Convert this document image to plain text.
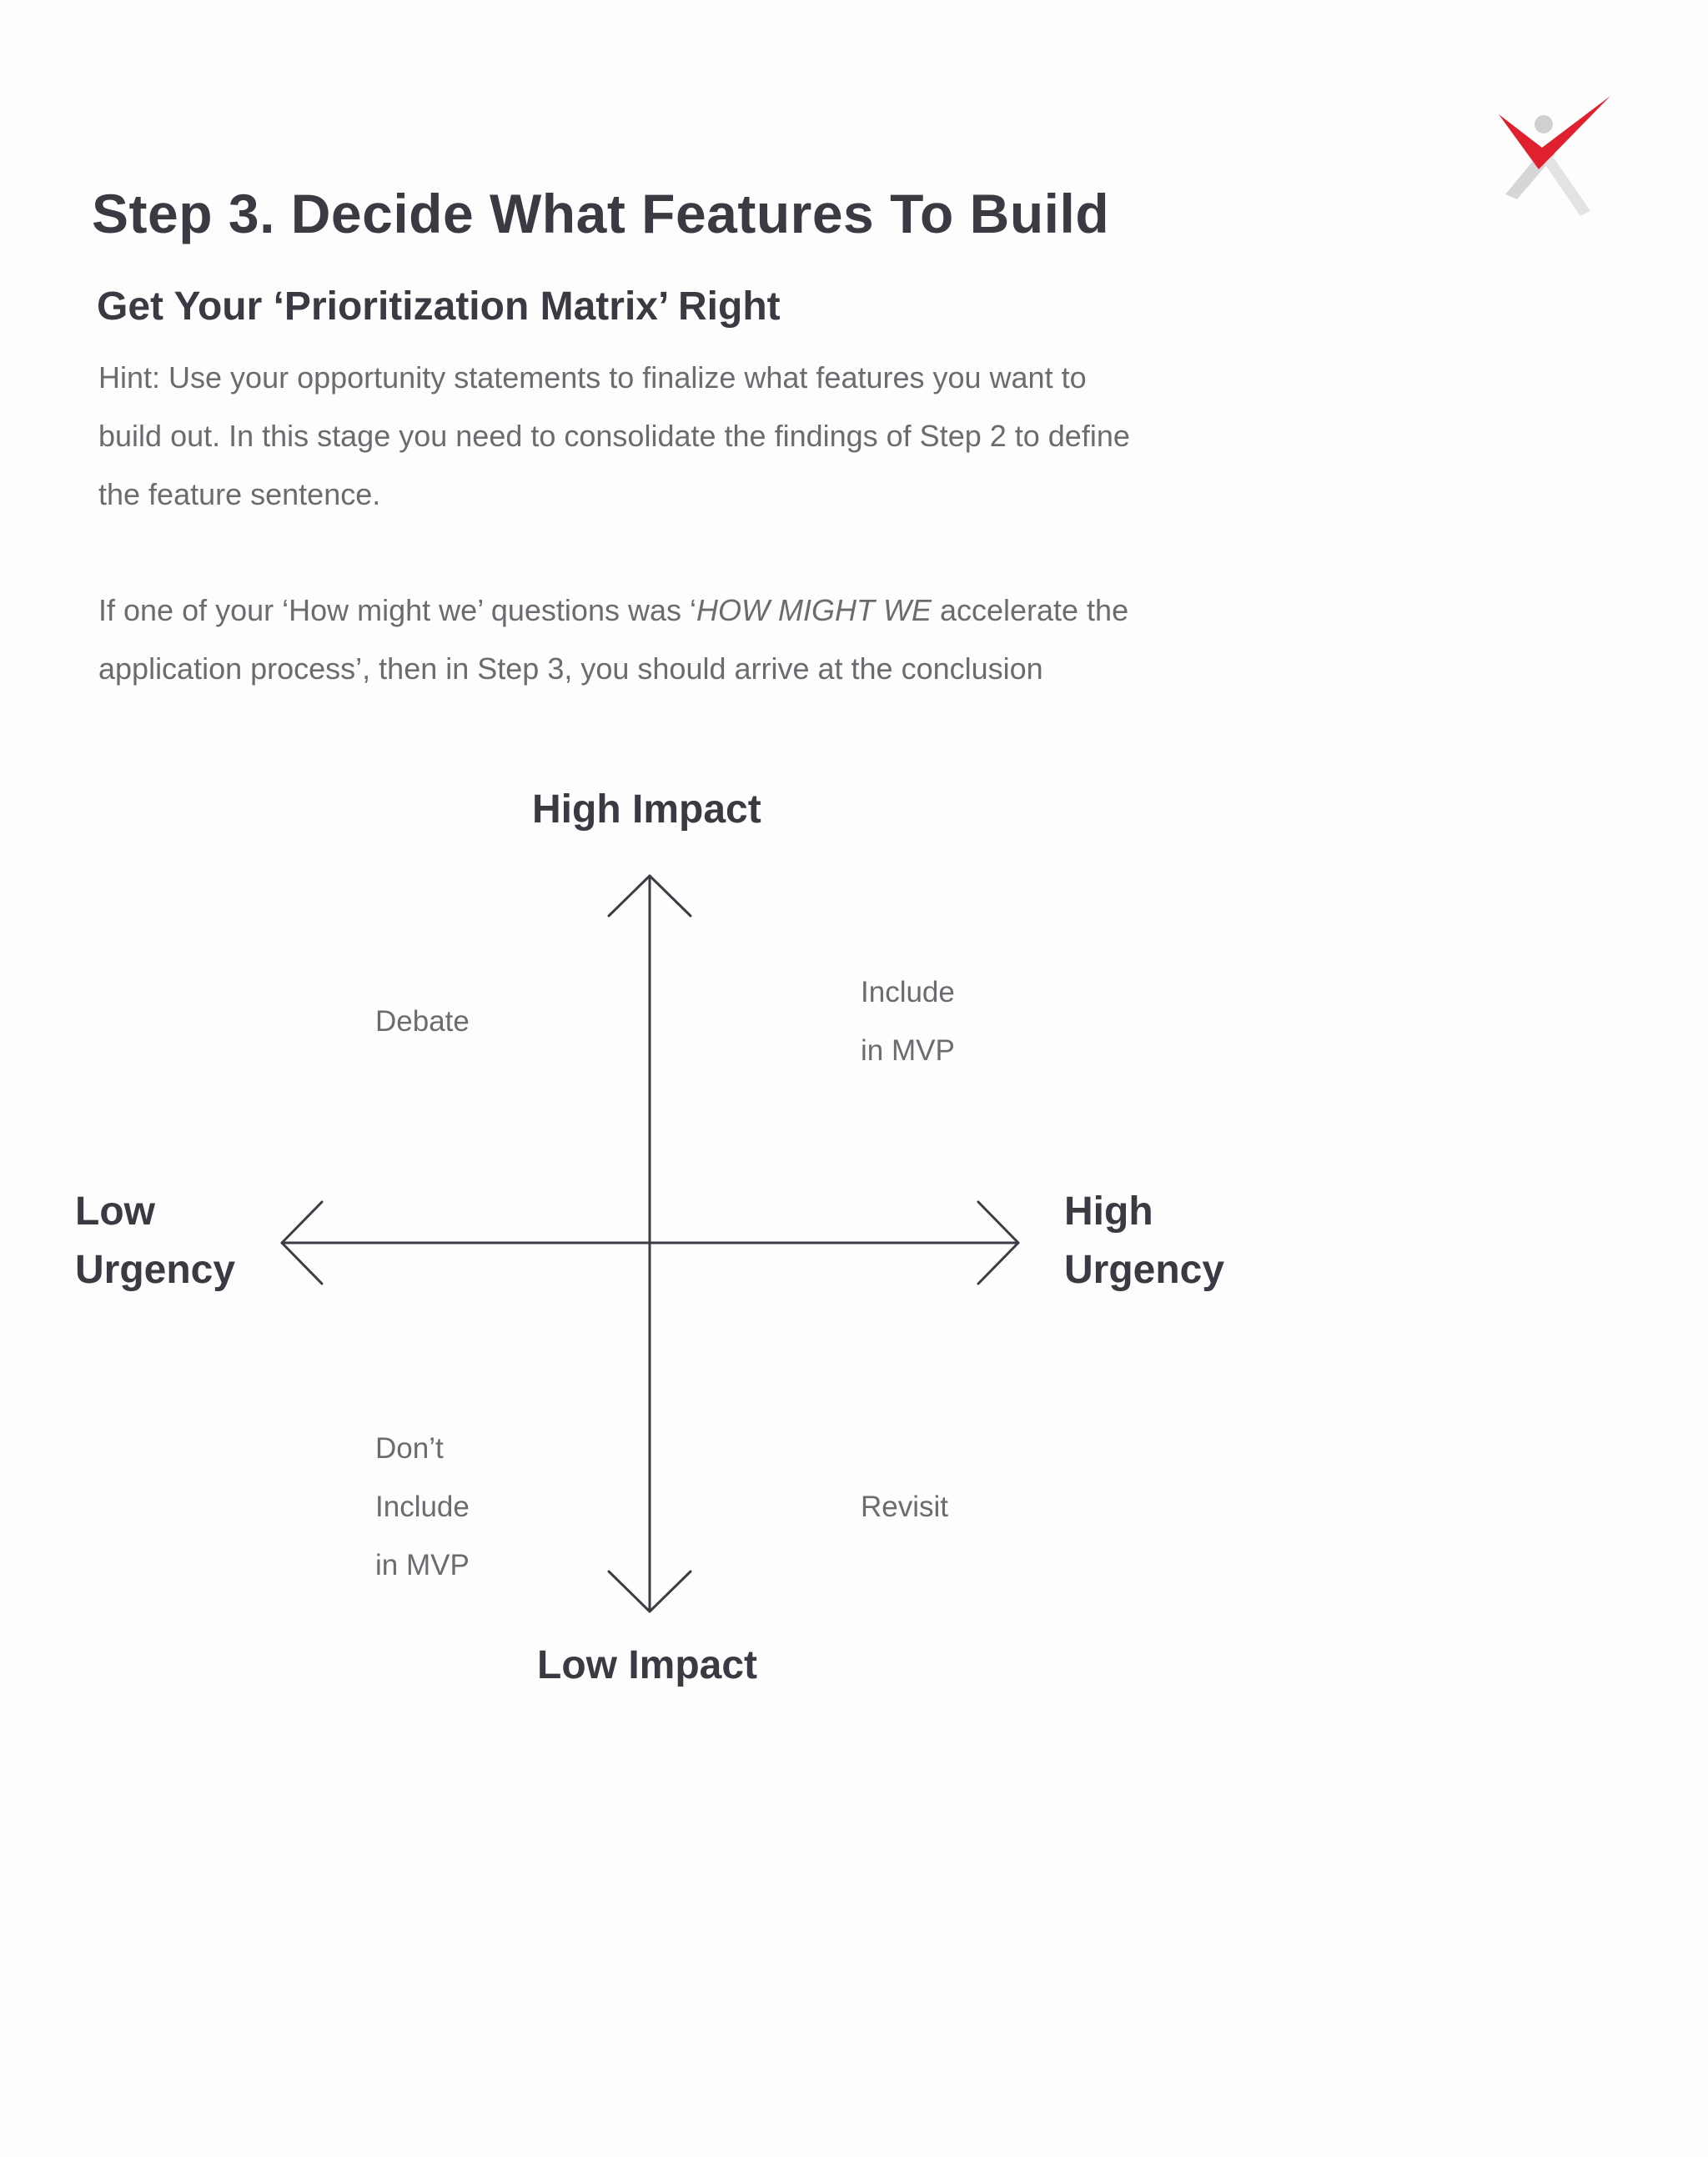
Step 3. Decide What Features To Build
Get Your ‘Prioritization Matrix’ Right

Hint: Use your opportunity statements to finalize what features you want to
build out. In this stage you need to consolidate the findings of Step 2 to define
the feature sentence.

If one of your ‘How might we’ questions was ‘HOW MIGHT WE accelerate the
application process’, then in Step 3, you should arrive at the conclusion

High Impact
Low Impact
Low
Urgency
High
Urgency
Debate
Include
in MVP
Don’t
Include
in MVP
Revisit
